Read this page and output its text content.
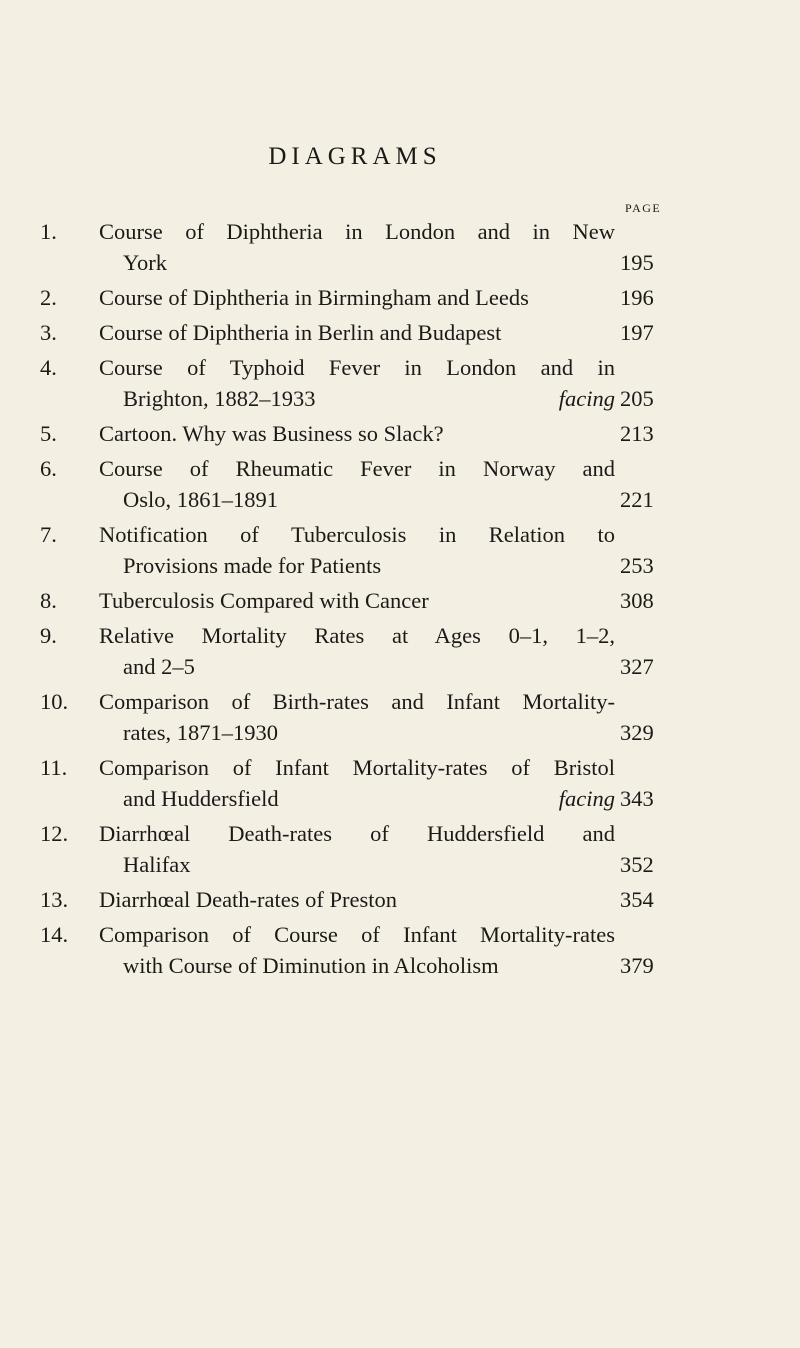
DIAGRAMS
PAGE
1.	Course of Diphtheria in London and in New
York	195
2.	Course of Diphtheria in Birmingham and Leeds	196
3.	Course of Diphtheria in Berlin and Budapest	197
4.	Course of Typhoid Fever in London and in
Brighton, 1882–1933	facing 205
5.	Cartoon. Why was Business so Slack?	213
6.	Course of Rheumatic Fever in Norway and
Oslo, 1861–1891	221
7.	Notification of Tuberculosis in Relation to
Provisions made for Patients	253
8.	Tuberculosis Compared with Cancer	308
9.	Relative Mortality Rates at Ages 0–1, 1–2,
and 2–5	327
10.	Comparison of Birth-rates and Infant Mortality-
rates, 1871–1930	329
11.	Comparison of Infant Mortality-rates of Bristol
and Huddersfield	facing 343
12.	Diarrhœal Death-rates of Huddersfield and
Halifax	352
13.	Diarrhœal Death-rates of Preston	354
14.	Comparison of Course of Infant Mortality-rates
with Course of Diminution in Alcoholism	379
